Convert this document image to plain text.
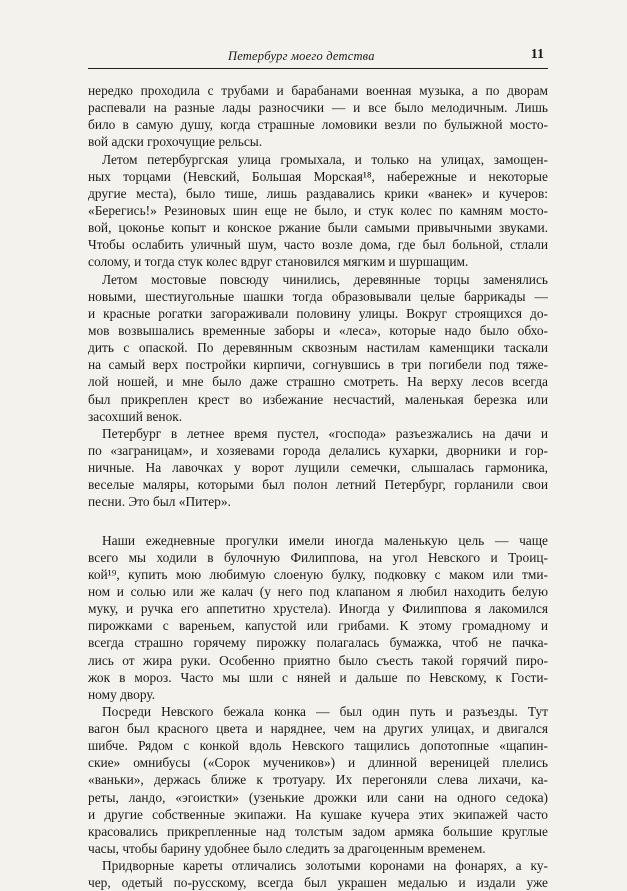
Петербург моего детства	11
нередко проходила с трубами и барабанами военная музыка, а по дворам
распевали на разные лады разносчики — и все было мелодичным. Лишь
било в самую душу, когда страшные ломовики везли по булыжной мосто-
вой адски грохочущие рельсы.
Летом петербургская улица громыхала, и только на улицах, замощен-
ных торцами (Невский, Большая Морская¹⁸, набережные и некоторые
другие места), было тише, лишь раздавались крики «ванек» и кучеров:
«Берегись!» Резиновых шин еще не было, и стук колес по камням мосто-
вой, цоконье копыт и конское ржание были самыми привычными звуками.
Чтобы ослабить уличный шум, часто возле дома, где был больной, стлали
солому, и тогда стук колес вдруг становился мягким и шуршащим.
Летом мостовые повсюду чинились, деревянные торцы заменялись
новыми, шестиугольные шашки тогда образовывали целые баррикады —
и красные рогатки загораживали половину улицы. Вокруг строящихся до-
мов возвышались временные заборы и «леса», которые надо было обхо-
дить с опаской. По деревянным сквозным настилам каменщики таскали
на самый верх постройки кирпичи, согнувшись в три погибели под тяже-
лой ношей, и мне было даже страшно смотреть. На верху лесов всегда
был прикреплен крест во избежание несчастий, маленькая березка или
засохший венок.
Петербург в летнее время пустел, «господа» разъезжались на дачи и
по «заграницам», и хозяевами города делались кухарки, дворники и гор-
ничные. На лавочках у ворот лущили семечки, слышалась гармоника,
веселые маляры, которыми был полон летний Петербург, горланили свои
песни. Это был «Питер».
Наши ежедневные прогулки имели иногда маленькую цель — чаще
всего мы ходили в булочную Филиппова, на угол Невского и Троиц-
кой¹⁹, купить мою любимую слоеную булку, подковку с маком или тми-
ном и солью или же калач (у него под клапаном я любил находить белую
муку, и ручка его аппетитно хрустела). Иногда у Филиппова я лакомился
пирожками с вареньем, капустой или грибами. К этому громадному и
всегда страшно горячему пирожку полагалась бумажка, чтоб не пачка-
лись от жира руки. Особенно приятно было съесть такой горячий пиро-
жок в мороз. Часто мы шли с няней и дальше по Невскому, к Гости-
ному двору.
Посреди Невского бежала конка — был один путь и разъезды. Тут
вагон был красного цвета и наряднее, чем на других улицах, и двигался
шибче. Рядом с конкой вдоль Невского тащились допотопные «щапин-
ские» омнибусы («Сорок мучеников») и длинной вереницей плелись
«ваньки», держась ближе к тротуару. Их перегоняли слева лихачи, ка-
реты, ландо, «эгоистки» (узенькие дрожки или сани на одного седока)
и другие собственные экипажи. На кушаке кучера этих экипажей часто
красовались прикрепленные над толстым задом армяка большие круглые
часы, чтобы барину удобнее было следить за драгоценным временем.
Придворные кареты отличались золотыми коронами на фонарях, а ку-
чер, одетый по-русскому, всегда был украшен медалью и издали уже
